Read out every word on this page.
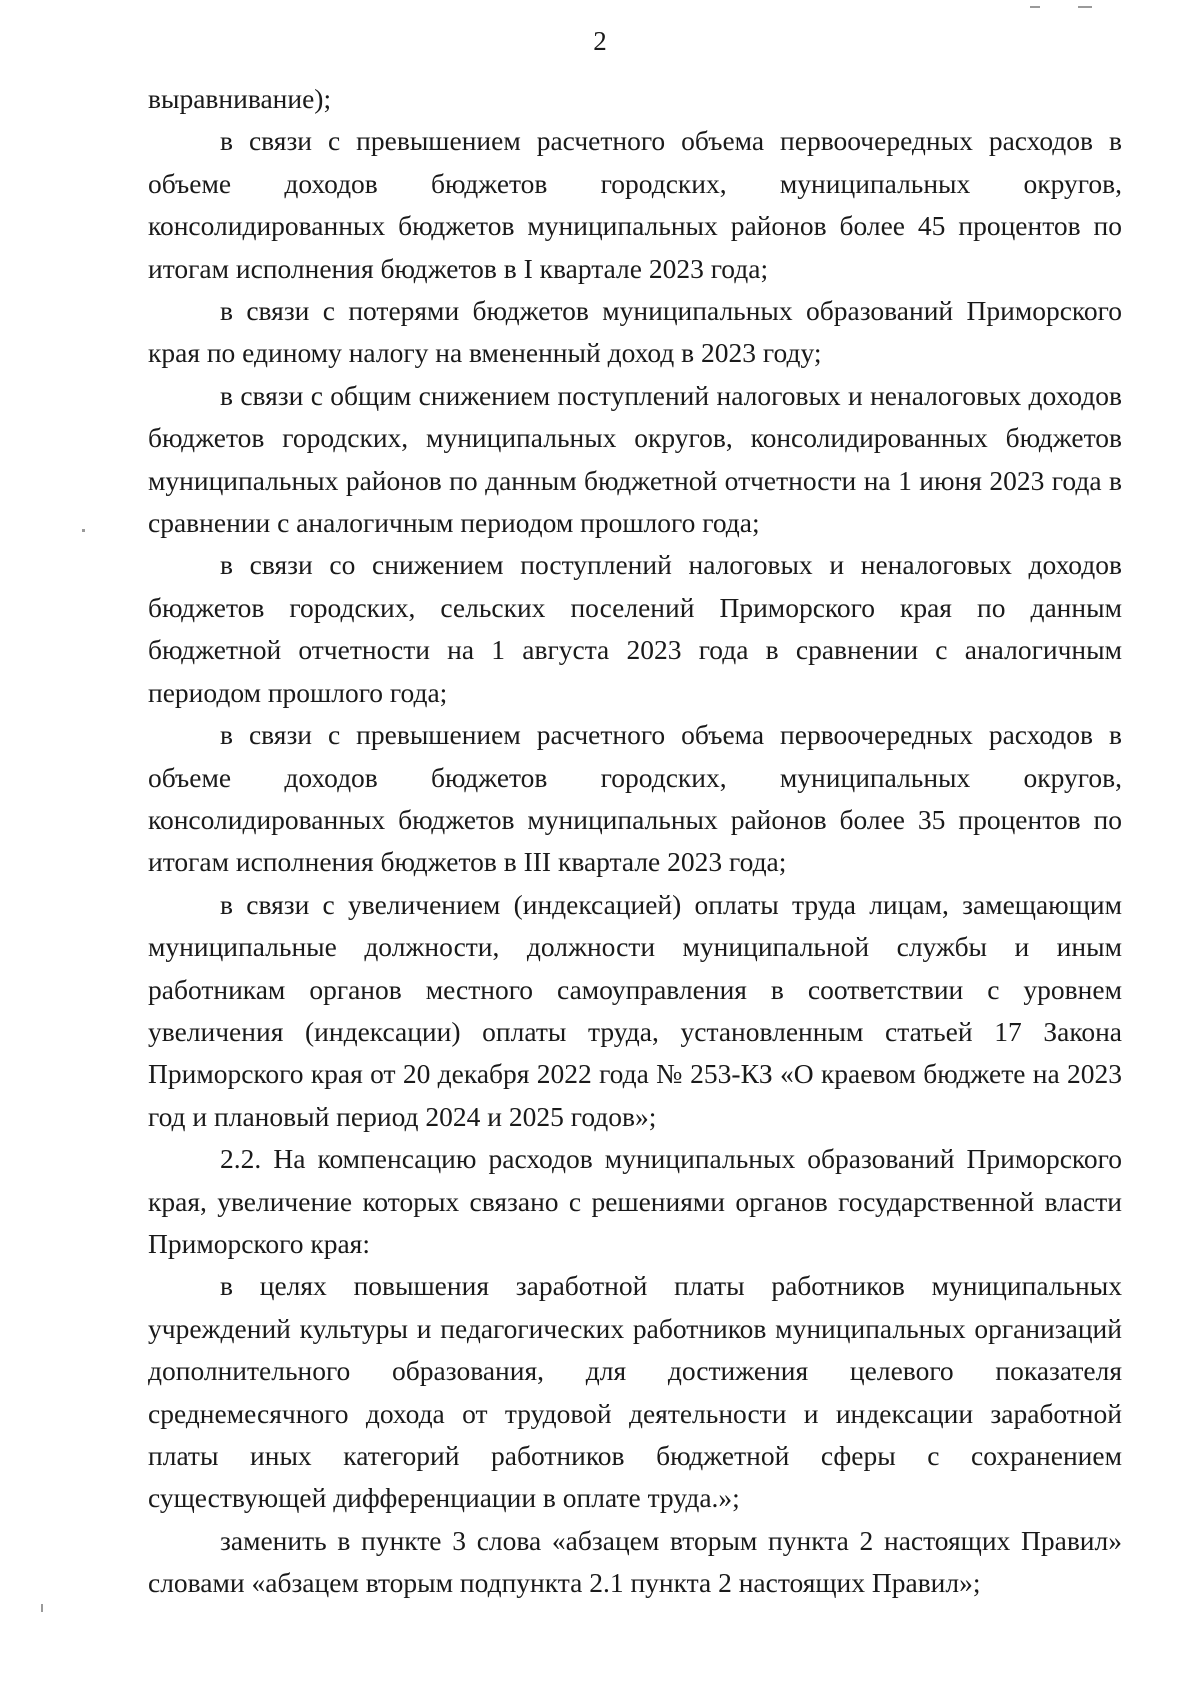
2

выравнивание);

в связи с превышением расчетного объема первоочередных расходов в объеме доходов бюджетов городских, муниципальных округов, консолидированных бюджетов муниципальных районов более 45 процентов по итогам исполнения бюджетов в I квартале 2023 года;

в связи с потерями бюджетов муниципальных образований Приморского края по единому налогу на вмененный доход в 2023 году;

в связи с общим снижением поступлений налоговых и неналоговых доходов бюджетов городских, муниципальных округов, консолидированных бюджетов муниципальных районов по данным бюджетной отчетности на 1 июня 2023 года в сравнении с аналогичным периодом прошлого года;

в связи со снижением поступлений налоговых и неналоговых доходов бюджетов городских, сельских поселений Приморского края по данным бюджетной отчетности на 1 августа 2023 года в сравнении с аналогичным периодом прошлого года;

в связи с превышением расчетного объема первоочередных расходов в объеме доходов бюджетов городских, муниципальных округов, консолидированных бюджетов муниципальных районов более 35 процентов по итогам исполнения бюджетов в III квартале 2023 года;

в связи с увеличением (индексацией) оплаты труда лицам, замещающим муниципальные должности, должности муниципальной службы и иным работникам органов местного самоуправления в соответствии с уровнем увеличения (индексации) оплаты труда, установленным статьей 17 Закона Приморского края от 20 декабря 2022 года № 253-КЗ «О краевом бюджете на 2023 год и плановый период 2024 и 2025 годов»;

2.2. На компенсацию расходов муниципальных образований Приморского края, увеличение которых связано с решениями органов государственной власти Приморского края:

в целях повышения заработной платы работников муниципальных учреждений культуры и педагогических работников муниципальных организаций дополнительного образования, для достижения целевого показателя среднемесячного дохода от трудовой деятельности и индексации заработной платы иных категорий работников бюджетной сферы с сохранением существующей дифференциации в оплате труда.»;

заменить в пункте 3 слова «абзацем вторым пункта 2 настоящих Правил» словами «абзацем вторым подпункта 2.1 пункта 2 настоящих Правил»;
